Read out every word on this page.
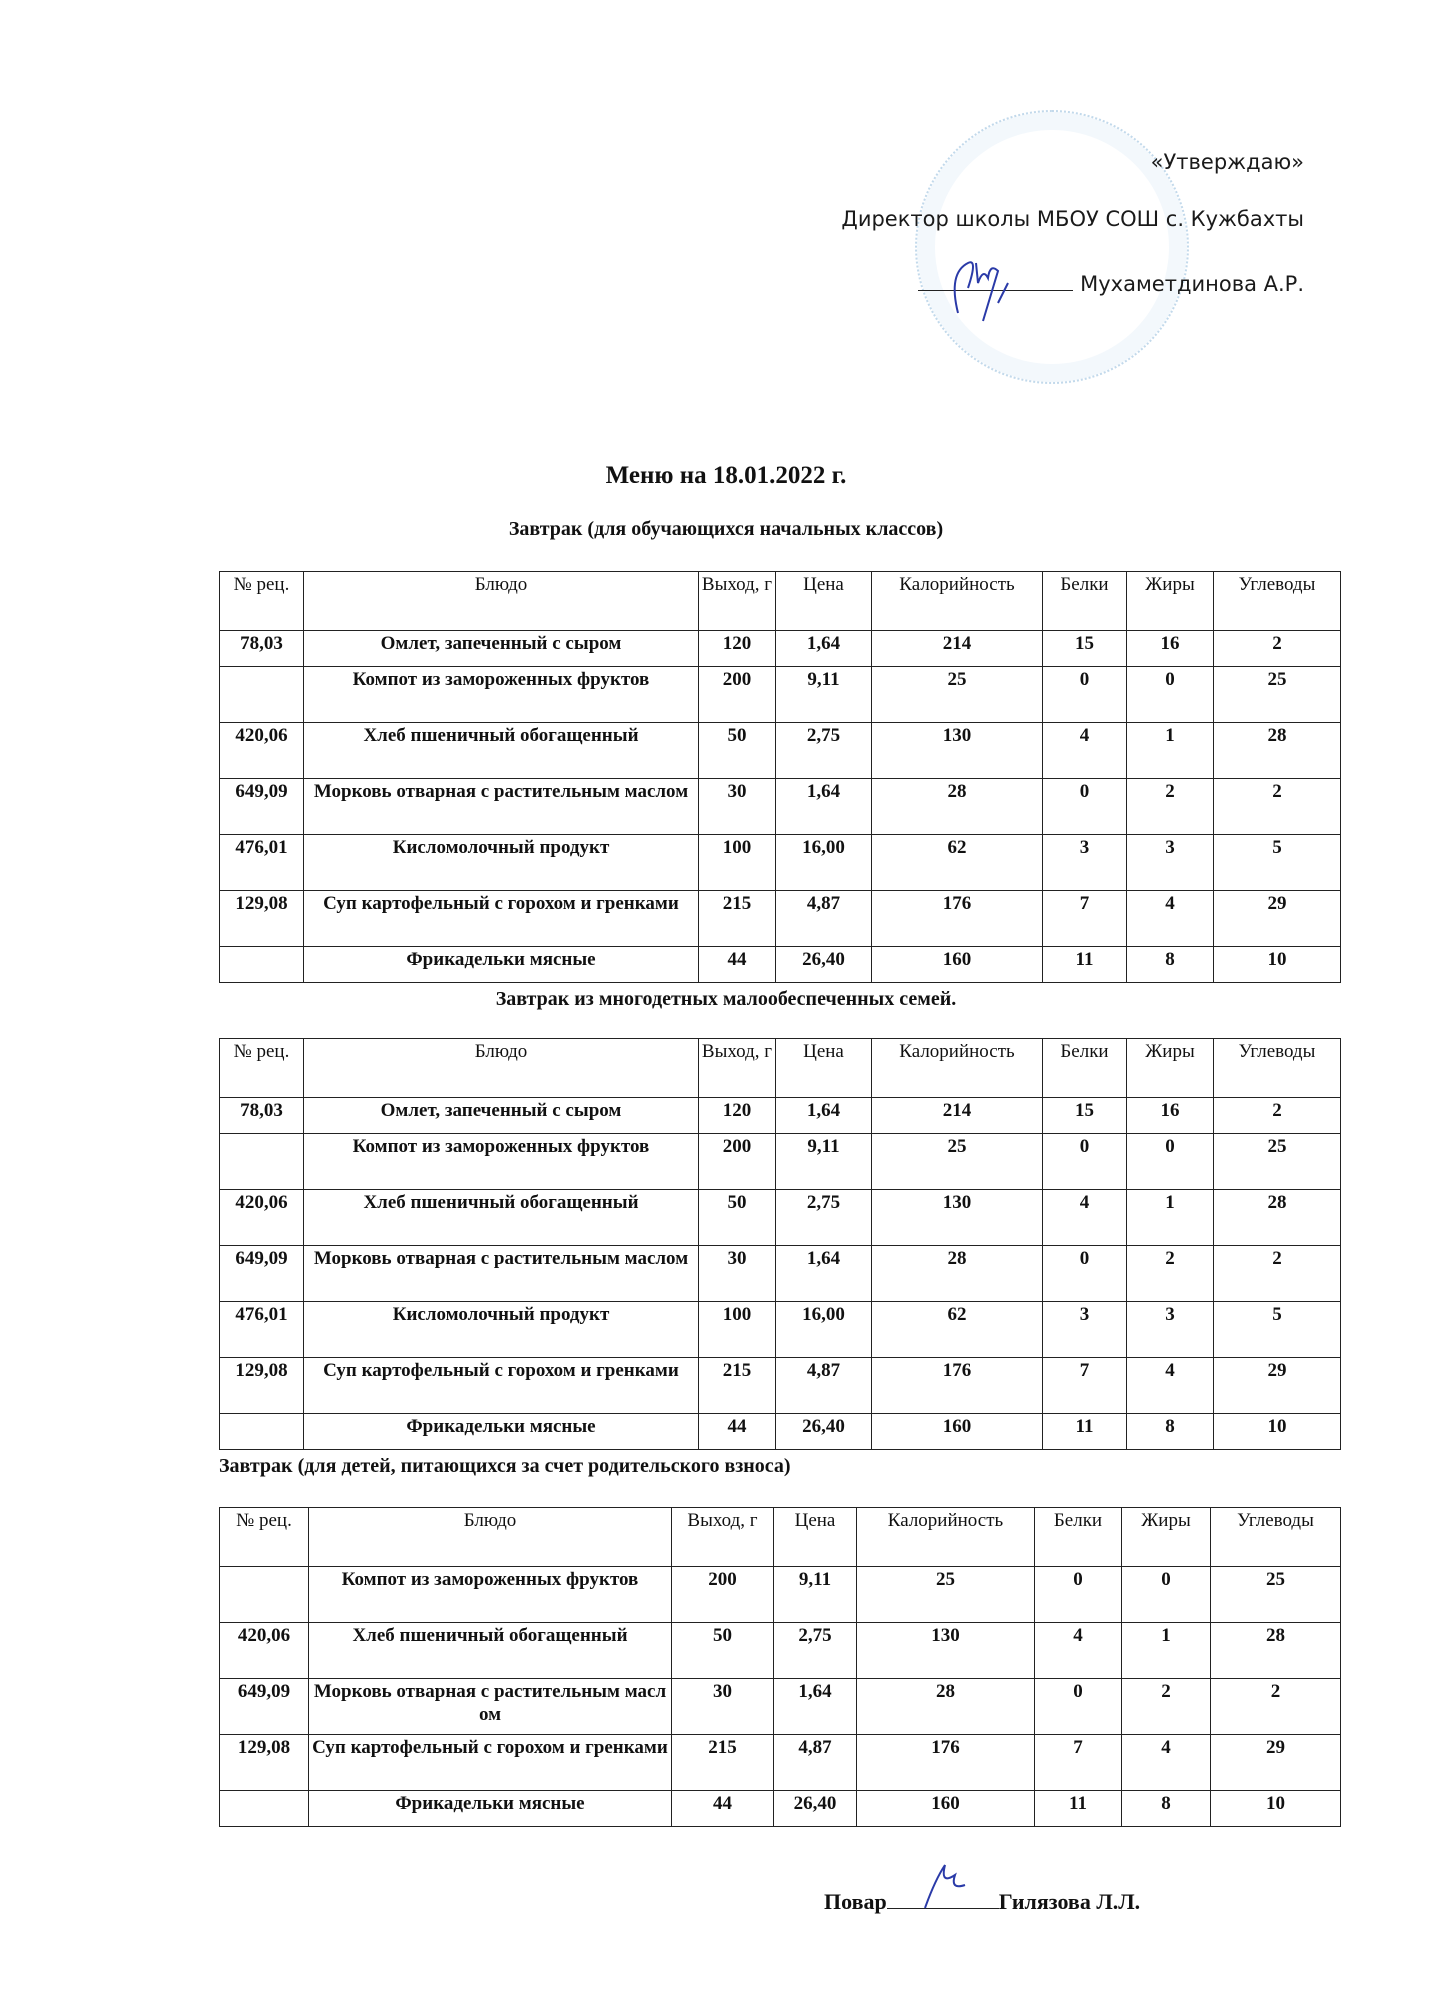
«Утверждаю»
Директор школы МБОУ СОШ с. Кужбахты
Мухаметдинова А.Р.
Меню на 18.01.2022 г.
Завтрак (для обучающихся начальных классов)
Завтрак из многодетных малообеспеченных семей.
Завтрак (для детей, питающихся за счет родительского взноса)
№ рец.	Блюдо	Выход, г	Цена	Калорийность	Белки	Жиры	Углеводы
78,03	Омлет, запеченный с сыром	120	1,64	214	15	16	2
	Компот из замороженных фруктов	200	9,11	25	0	0	25
420,06	Хлеб пшеничный обогащенный	50	2,75	130	4	1	28
649,09	Морковь отварная с растительным маслом	30	1,64	28	0	2	2
476,01	Кисломолочный продукт	100	16,00	62	3	3	5
129,08	Суп картофельный с горохом и гренками	215	4,87	176	7	4	29
	Фрикадельки мясные	44	26,40	160	11	8	10
№ рец.	Блюдо	Выход, г	Цена	Калорийность	Белки	Жиры	Углеводы
78,03	Омлет, запеченный с сыром	120	1,64	214	15	16	2
	Компот из замороженных фруктов	200	9,11	25	0	0	25
420,06	Хлеб пшеничный обогащенный	50	2,75	130	4	1	28
649,09	Морковь отварная с растительным маслом	30	1,64	28	0	2	2
476,01	Кисломолочный продукт	100	16,00	62	3	3	5
129,08	Суп картофельный с горохом и гренками	215	4,87	176	7	4	29
	Фрикадельки мясные	44	26,40	160	11	8	10
№ рец.	Блюдо	Выход, г	Цена	Калорийность	Белки	Жиры	Углеводы
	Компот из замороженных фруктов	200	9,11	25	0	0	25
420,06	Хлеб пшеничный обогащенный	50	2,75	130	4	1	28
649,09	Морковь отварная с растительным маслом	30	1,64	28	0	2	2
129,08	Суп картофельный с горохом и гренками	215	4,87	176	7	4	29
	Фрикадельки мясные	44	26,40	160	11	8	10
Повар	Гилязова Л.Л.
